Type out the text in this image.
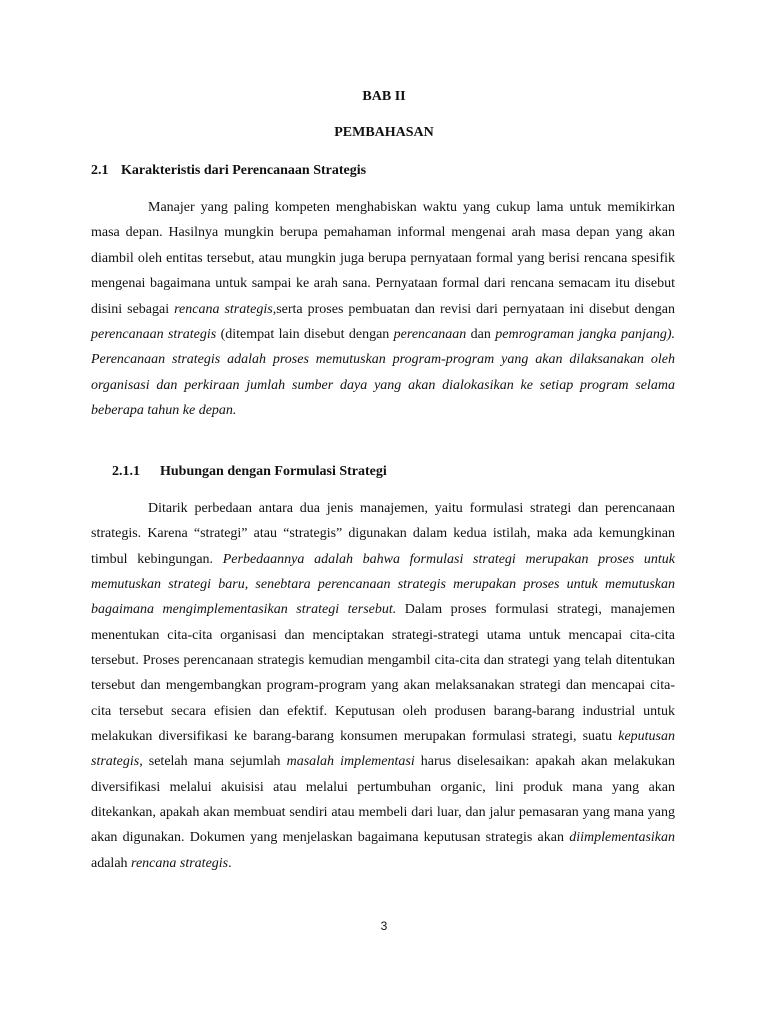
BAB II
PEMBAHASAN
2.1 Karakteristis dari Perencanaan Strategis

Manajer yang paling kompeten menghabiskan waktu yang cukup lama untuk memikirkan masa depan. Hasilnya mungkin berupa pemahaman informal mengenai arah masa depan yang akan diambil oleh entitas tersebut, atau mungkin juga berupa pernyataan formal yang berisi rencana spesifik mengenai bagaimana untuk sampai ke arah sana. Pernyataan formal dari rencana semacam itu disebut disini sebagai rencana strategis,serta proses pembuatan dan revisi dari pernyataan ini disebut dengan perencanaan strategis (ditempat lain disebut dengan perencanaan dan pemrograman jangka panjang). Perencanaan strategis adalah proses memutuskan program-program yang akan dilaksanakan oleh organisasi dan perkiraan jumlah sumber daya yang akan dialokasikan ke setiap program selama beberapa tahun ke depan.

2.1.1 Hubungan dengan Formulasi Strategi

Ditarik perbedaan antara dua jenis manajemen, yaitu formulasi strategi dan perencanaan strategis. Karena “strategi” atau “strategis” digunakan dalam kedua istilah, maka ada kemungkinan timbul kebingungan. Perbedaannya adalah bahwa formulasi strategi merupakan proses untuk memutuskan strategi baru, senebtara perencanaan strategis merupakan proses untuk memutuskan bagaimana mengimplementasikan strategi tersebut. Dalam proses formulasi strategi, manajemen menentukan cita-cita organisasi dan menciptakan strategi-strategi utama untuk mencapai cita-cita tersebut. Proses perencanaan strategis kemudian mengambil cita-cita dan strategi yang telah ditentukan tersebut dan mengembangkan program-program yang akan melaksanakan strategi dan mencapai cita-cita tersebut secara efisien dan efektif. Keputusan oleh produsen barang-barang industrial untuk melakukan diversifikasi ke barang-barang konsumen merupakan formulasi strategi, suatu keputusan strategis, setelah mana sejumlah masalah implementasi harus diselesaikan: apakah akan melakukan diversifikasi melalui akuisisi atau melalui pertumbuhan organic, lini produk mana yang akan ditekankan, apakah akan membuat sendiri atau membeli dari luar, dan jalur pemasaran yang mana yang akan digunakan. Dokumen yang menjelaskan bagaimana keputusan strategis akan diimplementasikan adalah rencana strategis.

3
